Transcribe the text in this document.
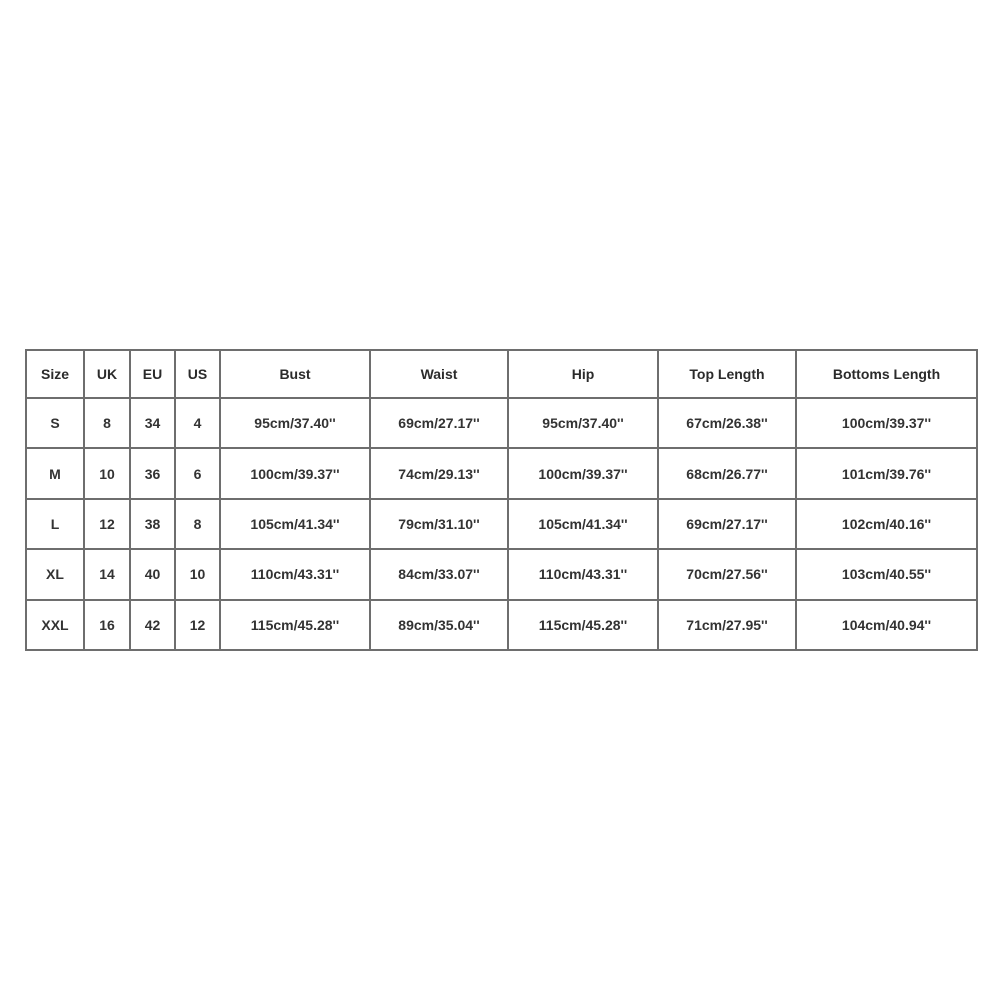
Size	UK	EU	US	Bust	Waist	Hip	Top Length	Bottoms Length
S	8	34	4	95cm/37.40''	69cm/27.17''	95cm/37.40''	67cm/26.38''	100cm/39.37''
M	10	36	6	100cm/39.37''	74cm/29.13''	100cm/39.37''	68cm/26.77''	101cm/39.76''
L	12	38	8	105cm/41.34''	79cm/31.10''	105cm/41.34''	69cm/27.17''	102cm/40.16''
XL	14	40	10	110cm/43.31''	84cm/33.07''	110cm/43.31''	70cm/27.56''	103cm/40.55''
XXL	16	42	12	115cm/45.28''	89cm/35.04''	115cm/45.28''	71cm/27.95''	104cm/40.94''
